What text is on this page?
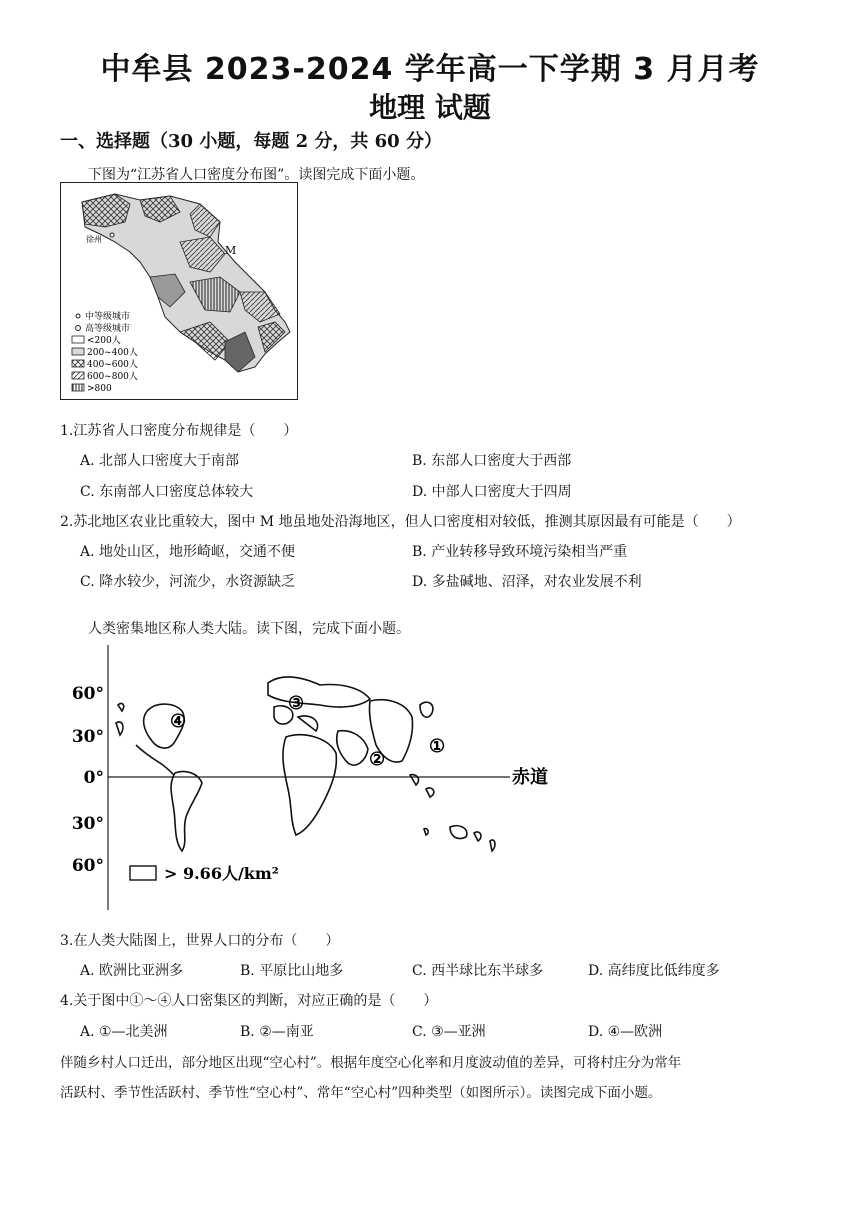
中牟县 2023-2024 学年高一下学期 3 月月考
地理 试题
一、选择题（30 小题，每题 2 分，共 60 分）
下图为“江苏省人口密度分布图”。读图完成下面小题。
M
徐州
中等级城市
高等级城市
<200人
200~400人
400~600人
600~800人
>800
1.江苏省人口密度分布规律是（　　）
A. 北部人口密度大于南部	B. 东部人口密度大于西部
C. 东南部人口密度总体较大	D. 中部人口密度大于四周
2.苏北地区农业比重较大，图中 M 地虽地处沿海地区，但人口密度相对较低，推测其原因最有可能是（　　）
A. 地处山区，地形崎岖，交通不便	B. 产业转移导致环境污染相当严重
C. 降水较少，河流少，水资源缺乏	D. 多盐碱地、沼泽，对农业发展不利
人类密集地区称人类大陆。读下图，完成下面小题。
赤道
60°
30°
0°
30°
60°
①
②
③
④
> 9.66人/km²
3.在人类大陆图上，世界人口的分布（　　）
A. 欧洲比亚洲多	B. 平原比山地多	C. 西半球比东半球多	D. 高纬度比低纬度多
4.关于图中①～④人口密集区的判断，对应正确的是（　　）
A. ①—北美洲	B. ②—南亚	C. ③—亚洲	D. ④—欧洲
伴随乡村人口迁出，部分地区出现“空心村”。根据年度空心化率和月度波动值的差异，可将村庄分为常年
活跃村、季节性活跃村、季节性“空心村”、常年“空心村”四种类型（如图所示）。读图完成下面小题。
